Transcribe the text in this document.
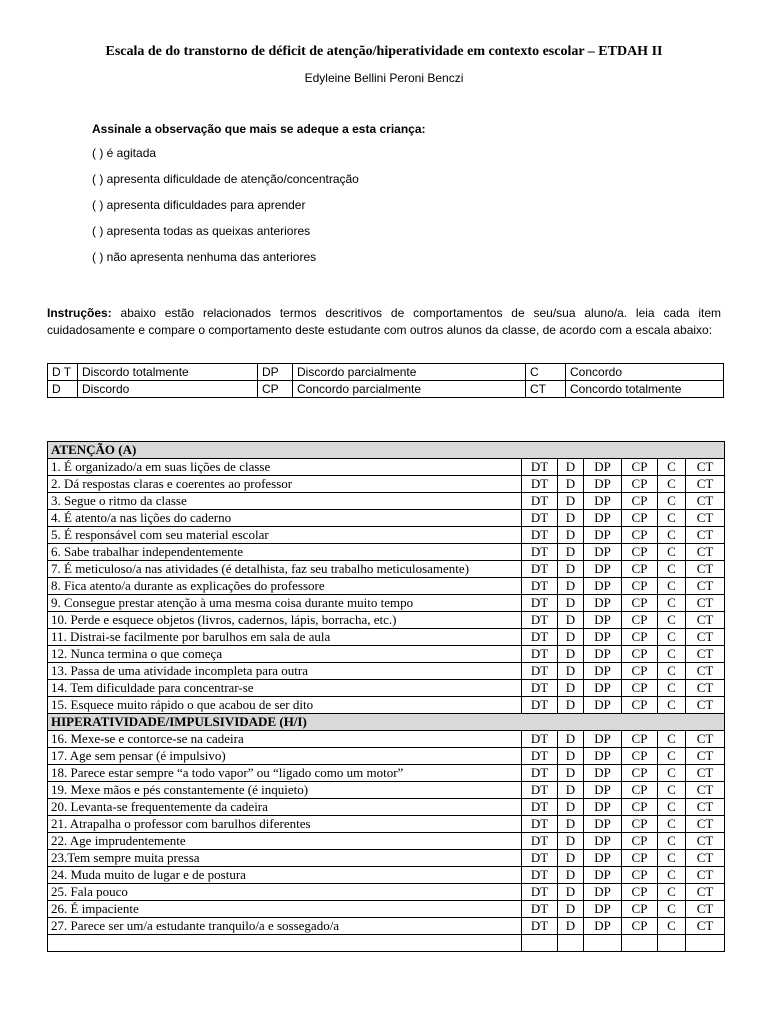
Escala de do transtorno de déficit de atenção/hiperatividade em contexto escolar – ETDAH II
Edyleine Bellini Peroni Benczi
Assinale a observação que mais se adeque a esta criança:
( ) é agitada
( ) apresenta dificuldade de atenção/concentração
( ) apresenta dificuldades para aprender
( ) apresenta todas as queixas anteriores
( ) não apresenta nenhuma das anteriores
Instruções: abaixo estão relacionados termos descritivos de comportamentos de seu/sua aluno/a. leia cada item cuidadosamente e compare o comportamento deste estudante com outros alunos da classe, de acordo com a escala abaixo:
D T	Discordo totalmente	DP	Discordo parcialmente	C	Concordo
D	Discordo	CP	Concordo parcialmente	CT	Concordo totalmente
ATENÇÃO (A)						
1. É organizado/a em suas lições de classe	DT	D	DP	CP	C	CT
2. Dá respostas claras e coerentes ao professor	DT	D	DP	CP	C	CT
3. Segue o ritmo da classe	DT	D	DP	CP	C	CT
4. É atento/a nas lições do caderno	DT	D	DP	CP	C	CT
5. É responsável com seu material escolar	DT	D	DP	CP	C	CT
6. Sabe trabalhar independentemente	DT	D	DP	CP	C	CT
7. É meticuloso/a nas atividades (é detalhista, faz seu trabalho meticulosamente)	DT	D	DP	CP	C	CT
8. Fica atento/a durante as explicações do professore	DT	D	DP	CP	C	CT
9. Consegue prestar atenção à uma mesma coisa durante muito tempo	DT	D	DP	CP	C	CT
10. Perde e esquece objetos (livros, cadernos, lápis, borracha, etc.)	DT	D	DP	CP	C	CT
11. Distrai-se facilmente por barulhos em sala de aula	DT	D	DP	CP	C	CT
12. Nunca termina o que começa	DT	D	DP	CP	C	CT
13. Passa de uma atividade incompleta para outra	DT	D	DP	CP	C	CT
14. Tem dificuldade para concentrar-se	DT	D	DP	CP	C	CT
15. Esquece muito rápido o que acabou de ser dito	DT	D	DP	CP	C	CT
HIPERATIVIDADE/IMPULSIVIDADE (H/I)						
16. Mexe-se e contorce-se na cadeira	DT	D	DP	CP	C	CT
17. Age sem pensar (é impulsivo)	DT	D	DP	CP	C	CT
18. Parece estar sempre “a todo vapor” ou “ligado como um motor”	DT	D	DP	CP	C	CT
19. Mexe mãos e pés constantemente (é inquieto)	DT	D	DP	CP	C	CT
20. Levanta-se frequentemente da cadeira	DT	D	DP	CP	C	CT
21. Atrapalha o professor com barulhos diferentes	DT	D	DP	CP	C	CT
22. Age imprudentemente	DT	D	DP	CP	C	CT
23.Tem sempre muita pressa	DT	D	DP	CP	C	CT
24. Muda muito de lugar e de postura	DT	D	DP	CP	C	CT
25. Fala pouco	DT	D	DP	CP	C	CT
26. É impaciente	DT	D	DP	CP	C	CT
27. Parece ser um/a estudante tranquilo/a e sossegado/a	DT	D	DP	CP	C	CT
